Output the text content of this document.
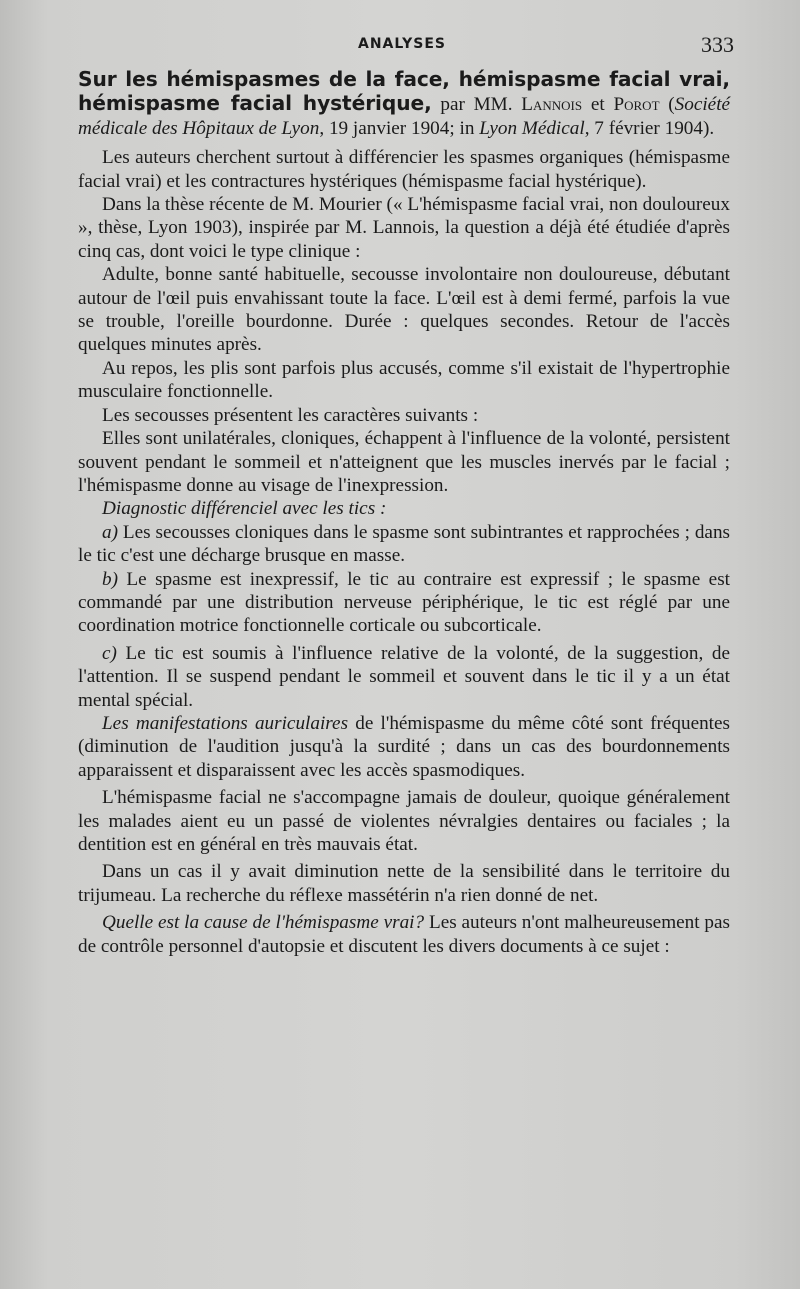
ANALYSES	333

Sur les hémispasmes de la face, hémispasme facial vrai, hémispasme facial hystérique, par MM. Lannois et Porot (Société médicale des Hôpitaux de Lyon, 19 janvier 1904; in Lyon Médical, 7 février 1904).

Les auteurs cherchent surtout à différencier les spasmes organiques (hémispasme facial vrai) et les contractures hystériques (hémispasme facial hystérique).

Dans la thèse récente de M. Mourier (« L'hémispasme facial vrai, non douloureux », thèse, Lyon 1903), inspirée par M. Lannois, la question a déjà été étudiée d'après cinq cas, dont voici le type clinique :

Adulte, bonne santé habituelle, secousse involontaire non douloureuse, débutant autour de l'œil puis envahissant toute la face. L'œil est à demi fermé, parfois la vue se trouble, l'oreille bourdonne. Durée : quelques secondes. Retour de l'accès quelques minutes après.

Au repos, les plis sont parfois plus accusés, comme s'il existait de l'hypertrophie musculaire fonctionnelle.

Les secousses présentent les caractères suivants :

Elles sont unilatérales, cloniques, échappent à l'influence de la volonté, persistent souvent pendant le sommeil et n'atteignent que les muscles inervés par le facial ; l'hémispasme donne au visage de l'inexpression.

Diagnostic différenciel avec les tics :

a) Les secousses cloniques dans le spasme sont subintrantes et rapprochées ; dans le tic c'est une décharge brusque en masse.

b) Le spasme est inexpressif, le tic au contraire est expressif ; le spasme est commandé par une distribution nerveuse périphérique, le tic est réglé par une coordination motrice fonctionnelle corticale ou subcorticale.

c) Le tic est soumis à l'influence relative de la volonté, de la suggestion, de l'attention. Il se suspend pendant le sommeil et souvent dans le tic il y a un état mental spécial.

Les manifestations auriculaires de l'hémispasme du même côté sont fréquentes (diminution de l'audition jusqu'à la surdité ; dans un cas des bourdonnements apparaissent et disparaissent avec les accès spasmodiques.

L'hémispasme facial ne s'accompagne jamais de douleur, quoique généralement les malades aient eu un passé de violentes névralgies dentaires ou faciales ; la dentition est en général en très mauvais état.

Dans un cas il y avait diminution nette de la sensibilité dans le territoire du trijumeau. La recherche du réflexe massétérin n'a rien donné de net.

Quelle est la cause de l'hémispasme vrai? Les auteurs n'ont malheureusement pas de contrôle personnel d'autopsie et discutent les divers documents à ce sujet :
